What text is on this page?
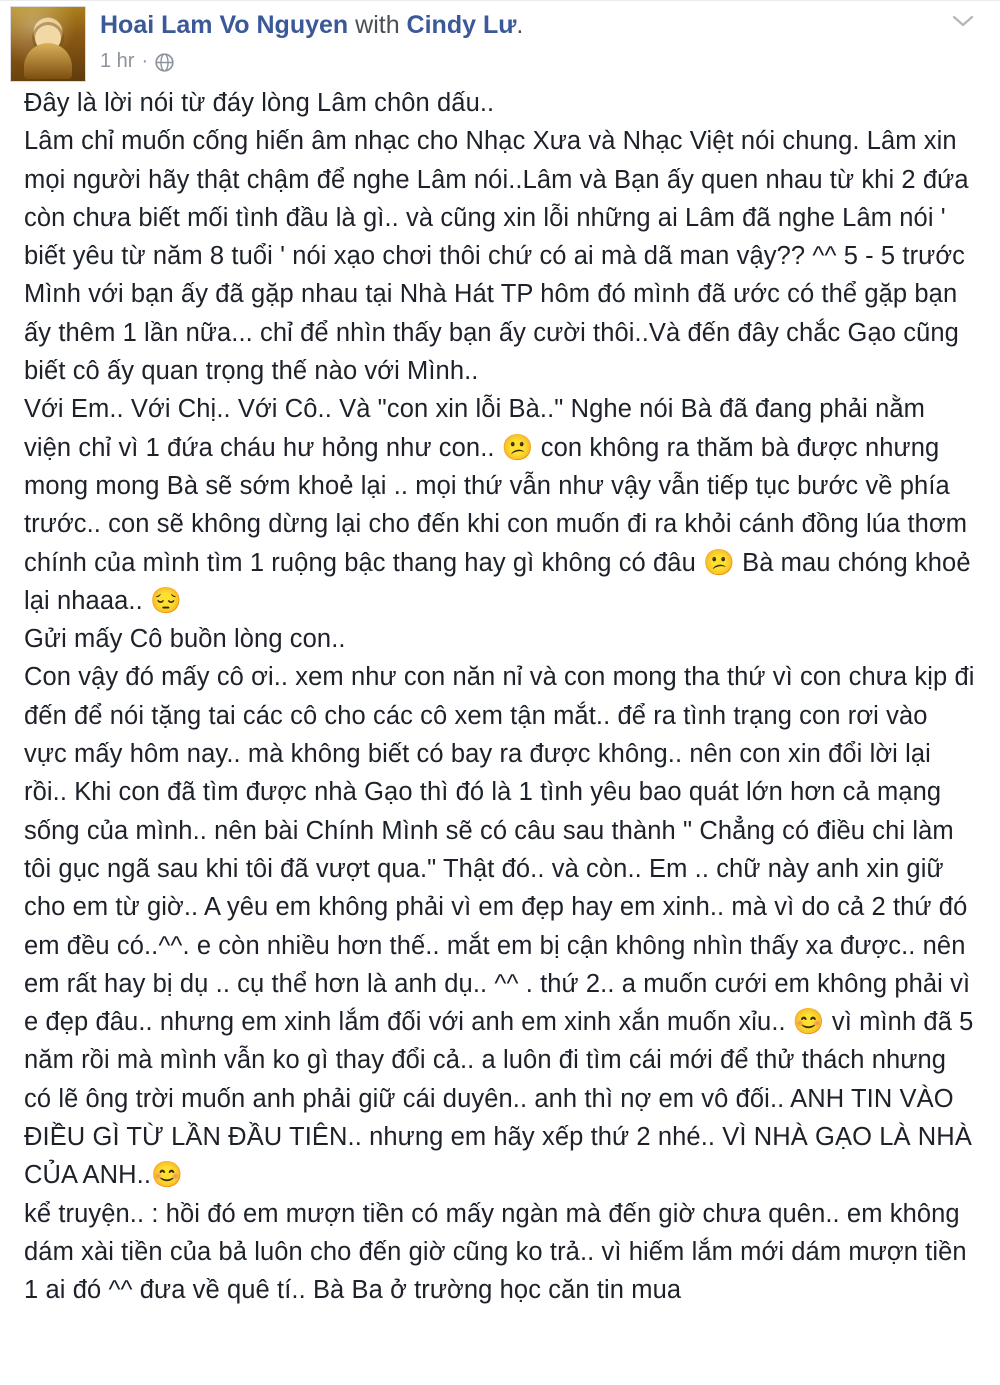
Hoai Lam Vo Nguyen with Cindy Lư.
1 hr ·

Đây là lời nói từ đáy lòng Lâm chôn dấu..

Lâm chỉ muốn cống hiến âm nhạc cho Nhạc Xưa và Nhạc Việt nói chung. Lâm xin mọi người hãy thật chậm để nghe Lâm nói..Lâm và Bạn ấy quen nhau từ khi 2 đứa còn chưa biết mối tình đầu là gì.. và cũng xin lỗi những ai Lâm đã nghe Lâm nói ' biết yêu từ năm 8 tuổi ' nói xạo chơi thôi chứ có ai mà dã man vậy?? ^^ 5 - 5 trước Mình với bạn ấy đã gặp nhau tại Nhà Hát TP hôm đó mình đã ước có thể gặp bạn ấy thêm 1 lần nữa... chỉ để nhìn thấy bạn ấy cười thôi..Và đến đây chắc Gạo cũng biết cô ấy quan trọng thế nào với Mình..

Với Em.. Với Chị.. Với Cô.. Và "con xin lỗi Bà.." Nghe nói Bà đã đang phải nằm viện chỉ vì 1 đứa cháu hư hỏng như con.. 😕 con không ra thăm bà được nhưng mong mong Bà sẽ sớm khoẻ lại .. mọi thứ vẫn như vậy vẫn tiếp tục bước về phía trước.. con sẽ không dừng lại cho đến khi con muốn đi ra khỏi cánh đồng lúa thơm chính của mình tìm 1 ruộng bậc thang hay gì không có đâu 😕 Bà mau chóng khoẻ lại nhaaa.. 😔

Gửi mấy Cô buồn lòng con..

Con vậy đó mấy cô ơi.. xem như con năn nỉ và con mong tha thứ vì con chưa kịp đi đến để nói tặng tai các cô cho các cô xem tận mắt.. để ra tình trạng con rơi vào vực mấy hôm nay.. mà không biết có bay ra được không.. nên con xin đổi lời lại rồi.. Khi con đã tìm được nhà Gạo thì đó là 1 tình yêu bao quát lớn hơn cả mạng sống của mình.. nên bài Chính Mình sẽ có câu sau thành " Chẳng có điều chi làm tôi gục ngã sau khi tôi đã vượt qua." Thật đó.. và còn.. Em .. chữ này anh xin giữ cho em từ giờ.. A yêu em không phải vì em đẹp hay em xinh.. mà vì do cả 2 thứ đó em đều có..^^. e còn nhiều hơn thế.. mắt em bị cận không nhìn thấy xa được.. nên em rất hay bị dụ .. cụ thể hơn là anh dụ.. ^^ . thứ 2.. a muốn cưới em không phải vì e đẹp đâu.. nhưng em xinh lắm đối với anh em xinh xắn muốn xỉu.. 😊 vì mình đã 5 năm rồi mà mình vẫn ko gì thay đổi cả.. a luôn đi tìm cái mới để thử thách nhưng có lẽ ông trời muốn anh phải giữ cái duyên.. anh thì nợ em vô đối.. ANH TIN VÀO ĐIỀU GÌ TỪ LẦN ĐẦU TIÊN.. nhưng em hãy xếp thứ 2 nhé.. VÌ NHÀ GẠO LÀ NHÀ CỦA ANH..😊

kể truyện.. : hồi đó em mượn tiền có mấy ngàn mà đến giờ chưa quên.. em không dám xài tiền của bả luôn cho đến giờ cũng ko trả.. vì hiếm lắm mới dám mượn tiền 1 ai đó ^^ đưa về quê tí.. Bà Ba ở trường học căn tin mua
